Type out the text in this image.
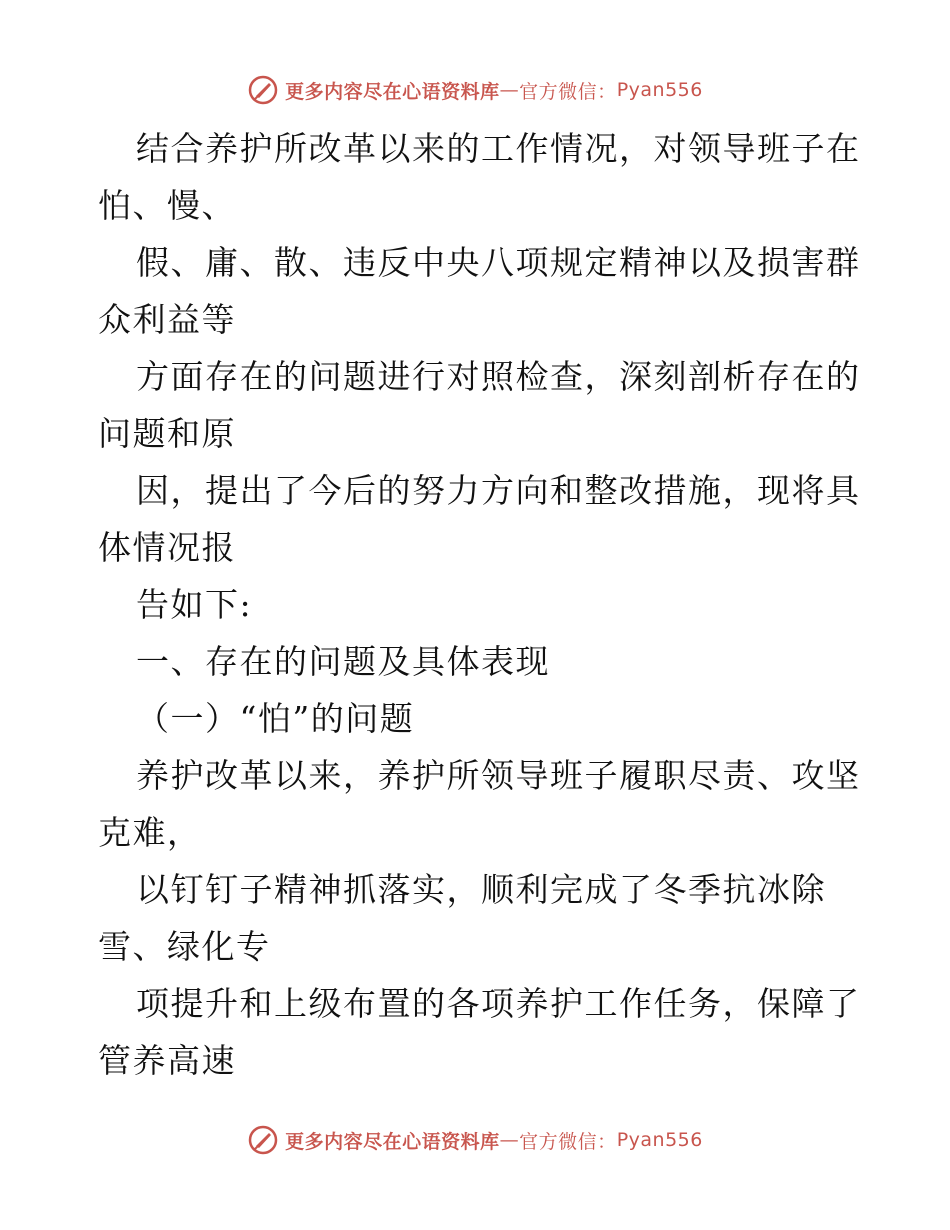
更多内容尽在心语资料库 — 官方微信： Pyan556
结合养护所改革以来的工作情况，对领导班子在
怕、慢、
假、庸、散、违反中央八项规定精神以及损害群
众利益等
方面存在的问题进行对照检查，深刻剖析存在的
问题和原
因，提出了今后的努力方向和整改措施，现将具
体情况报
告如下:
一、存在的问题及具体表现
（一）“怕”的问题
养护改革以来，养护所领导班子履职尽责、攻坚
克难，
以钉钉子精神抓落实，顺利完成了冬季抗冰除
雪、绿化专
项提升和上级布置的各项养护工作任务，保障了
管养高速
更多内容尽在心语资料库 — 官方微信： Pyan556
